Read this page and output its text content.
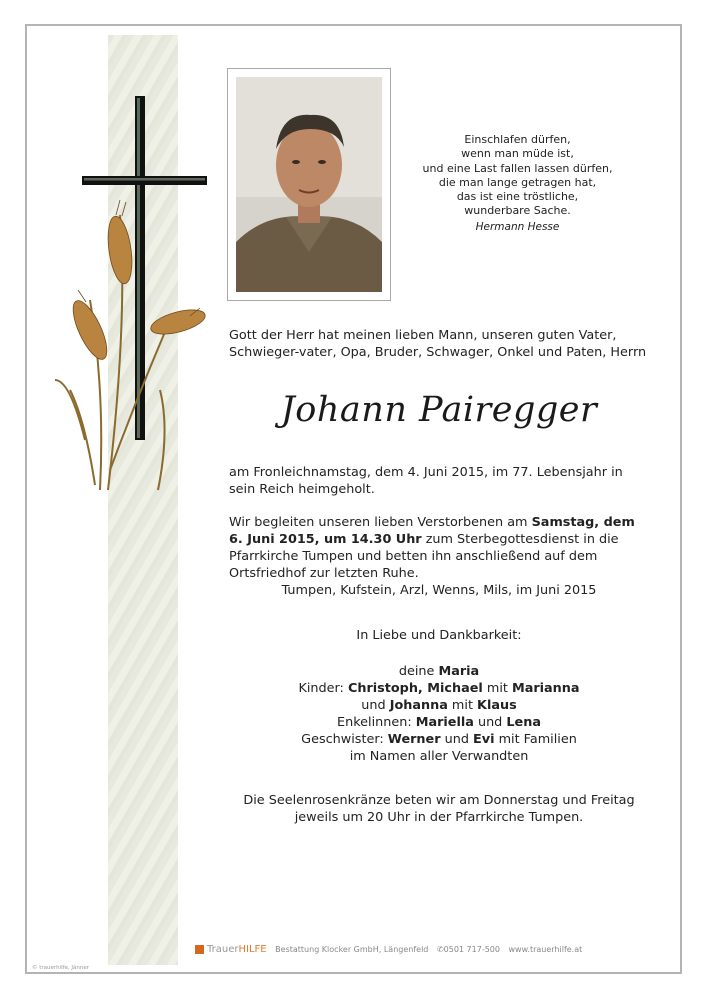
Einschlafen dürfen,
wenn man müde ist,
und eine Last fallen lassen dürfen,
die man lange getragen hat,
das ist eine tröstliche,
wunderbare Sache.
Hermann Hesse
Gott der Herr hat meinen lieben Mann, unseren guten Vater, Schwieger-vater, Opa, Bruder, Schwager, Onkel und Paten, Herrn
Johann Pairegger
am Fronleichnamstag, dem 4. Juni 2015, im 77. Lebensjahr in sein Reich heimgeholt.
Wir begleiten unseren lieben Verstorbenen am Samstag, dem 6. Juni 2015, um 14.30 Uhr zum Sterbegottesdienst in die Pfarrkirche Tumpen und betten ihn anschließend auf dem Ortsfriedhof zur letzten Ruhe.
Tumpen, Kufstein, Arzl, Wenns, Mils, im Juni 2015
In Liebe und Dankbarkeit:
deine Maria
Kinder: Christoph, Michael mit Marianna
und Johanna mit Klaus
Enkelinnen: Mariella und Lena
Geschwister: Werner und Evi mit Familien
im Namen aller Verwandten
Die Seelenrosenkränze beten wir am Donnerstag und Freitag jeweils um 20 Uhr in der Pfarrkirche Tumpen.
TrauerHILFE Bestattung Klocker GmbH, Längenfeld ✆0501 717-500 www.trauerhilfe.at
© trauerhilfe, Jänner
